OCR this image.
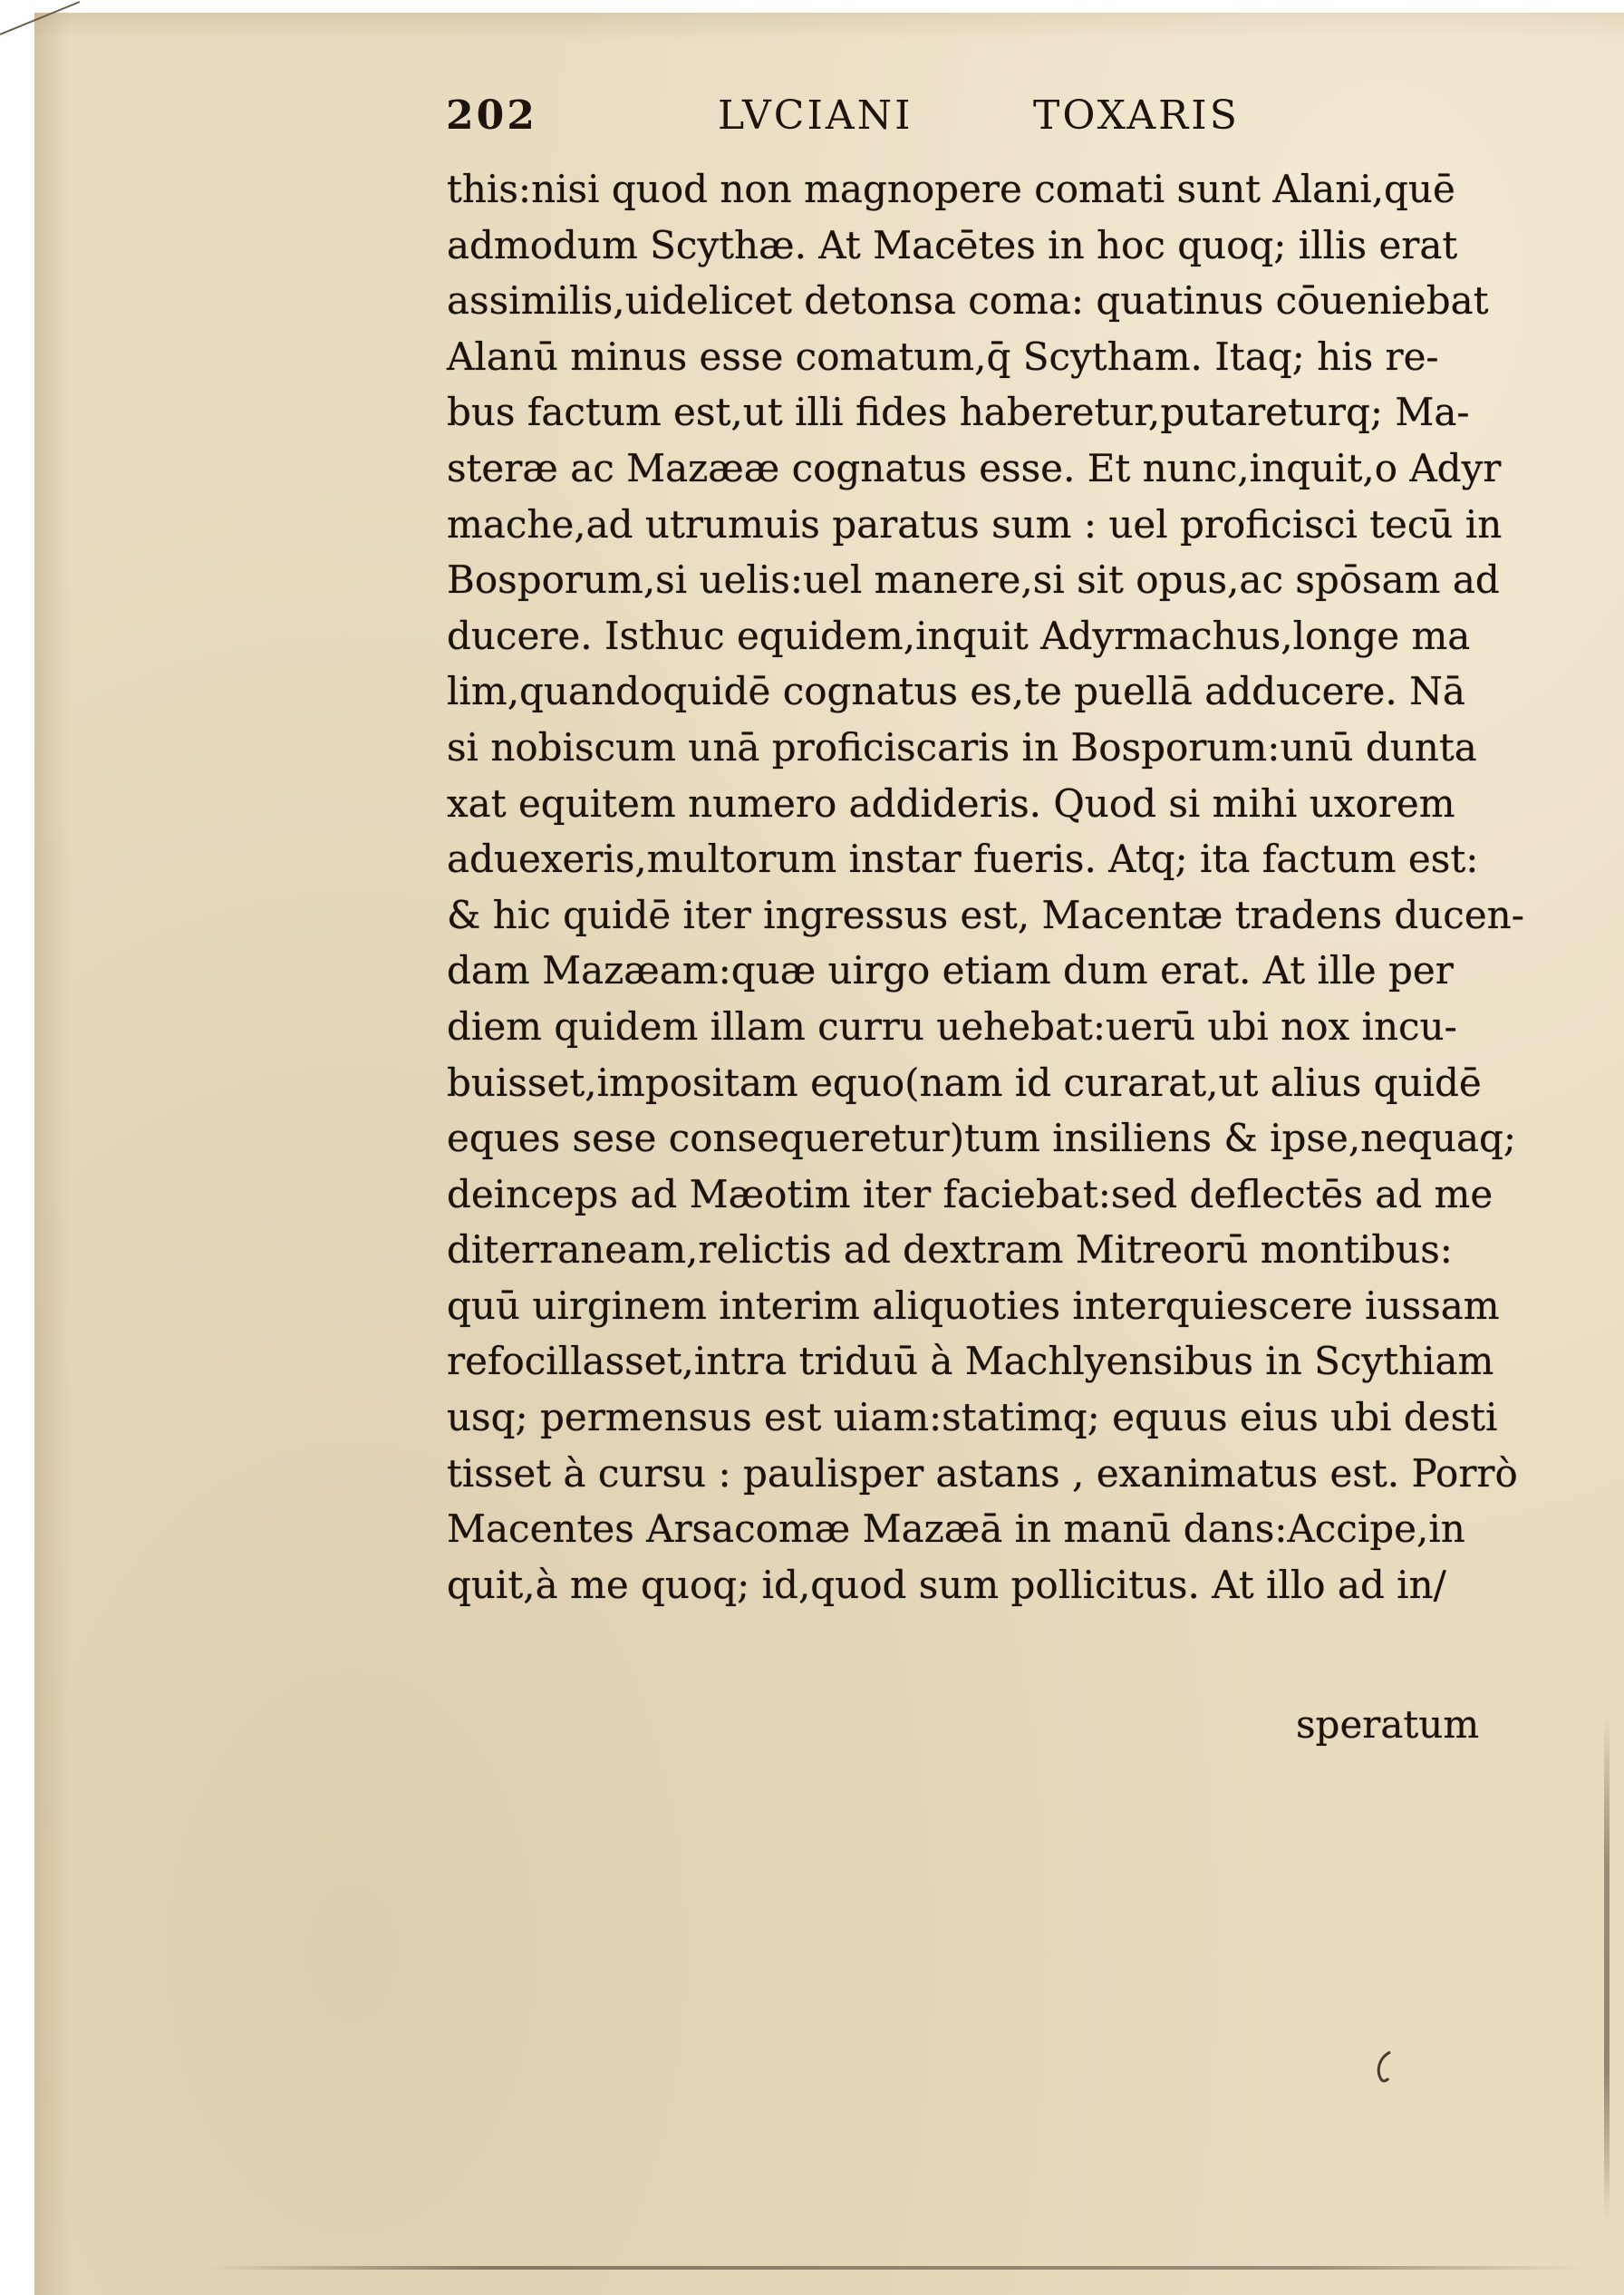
202	LVCIANI	TOXARIS
this:nisi quod non magnopere comati sunt Alani,quē
admodum Scythæ. At Macētes in hoc quoq; illis erat
assimilis,uidelicet detonsa coma: quatinus cōueniebat
Alanū minus esse comatum,q̄ Scytham. Itaq; his re-
bus factum est,ut illi fides haberetur,putareturq; Ma-
steræ ac Mazææ cognatus esse. Et nunc,inquit,o Adyr
mache,ad utrumuis paratus sum : uel proficisci tecū in
Bosporum,si uelis:uel manere,si sit opus,ac spōsam ad
ducere. Isthuc equidem,inquit Adyrmachus,longe ma
lim,quandoquidē cognatus es,te puellā adducere. Nā
si nobiscum unā proficiscaris in Bosporum:unū dunta
xat equitem numero addideris. Quod si mihi uxorem
aduexeris,multorum instar fueris. Atq; ita factum est:
& hic quidē iter ingressus est, Macentæ tradens ducen-
dam Mazæam:quæ uirgo etiam dum erat. At ille per
diem quidem illam curru uehebat:uerū ubi nox incu-
buisset,impositam equo(nam id curarat,ut alius quidē
eques sese consequeretur)tum insiliens & ipse,nequaq;
deinceps ad Mæotim iter faciebat:sed deflectēs ad me
diterraneam,relictis ad dextram Mitreorū montibus:
quū uirginem interim aliquoties interquiescere iussam
refocillasset,intra triduū à Machlyensibus in Scythiam
usq; permensus est uiam:statimq; equus eius ubi desti
tisset à cursu : paulisper astans , exanimatus est. Porrò
Macentes Arsacomæ Mazæā in manū dans:Accipe,in
quit,à me quoq; id,quod sum pollicitus. At illo ad in/
speratum
